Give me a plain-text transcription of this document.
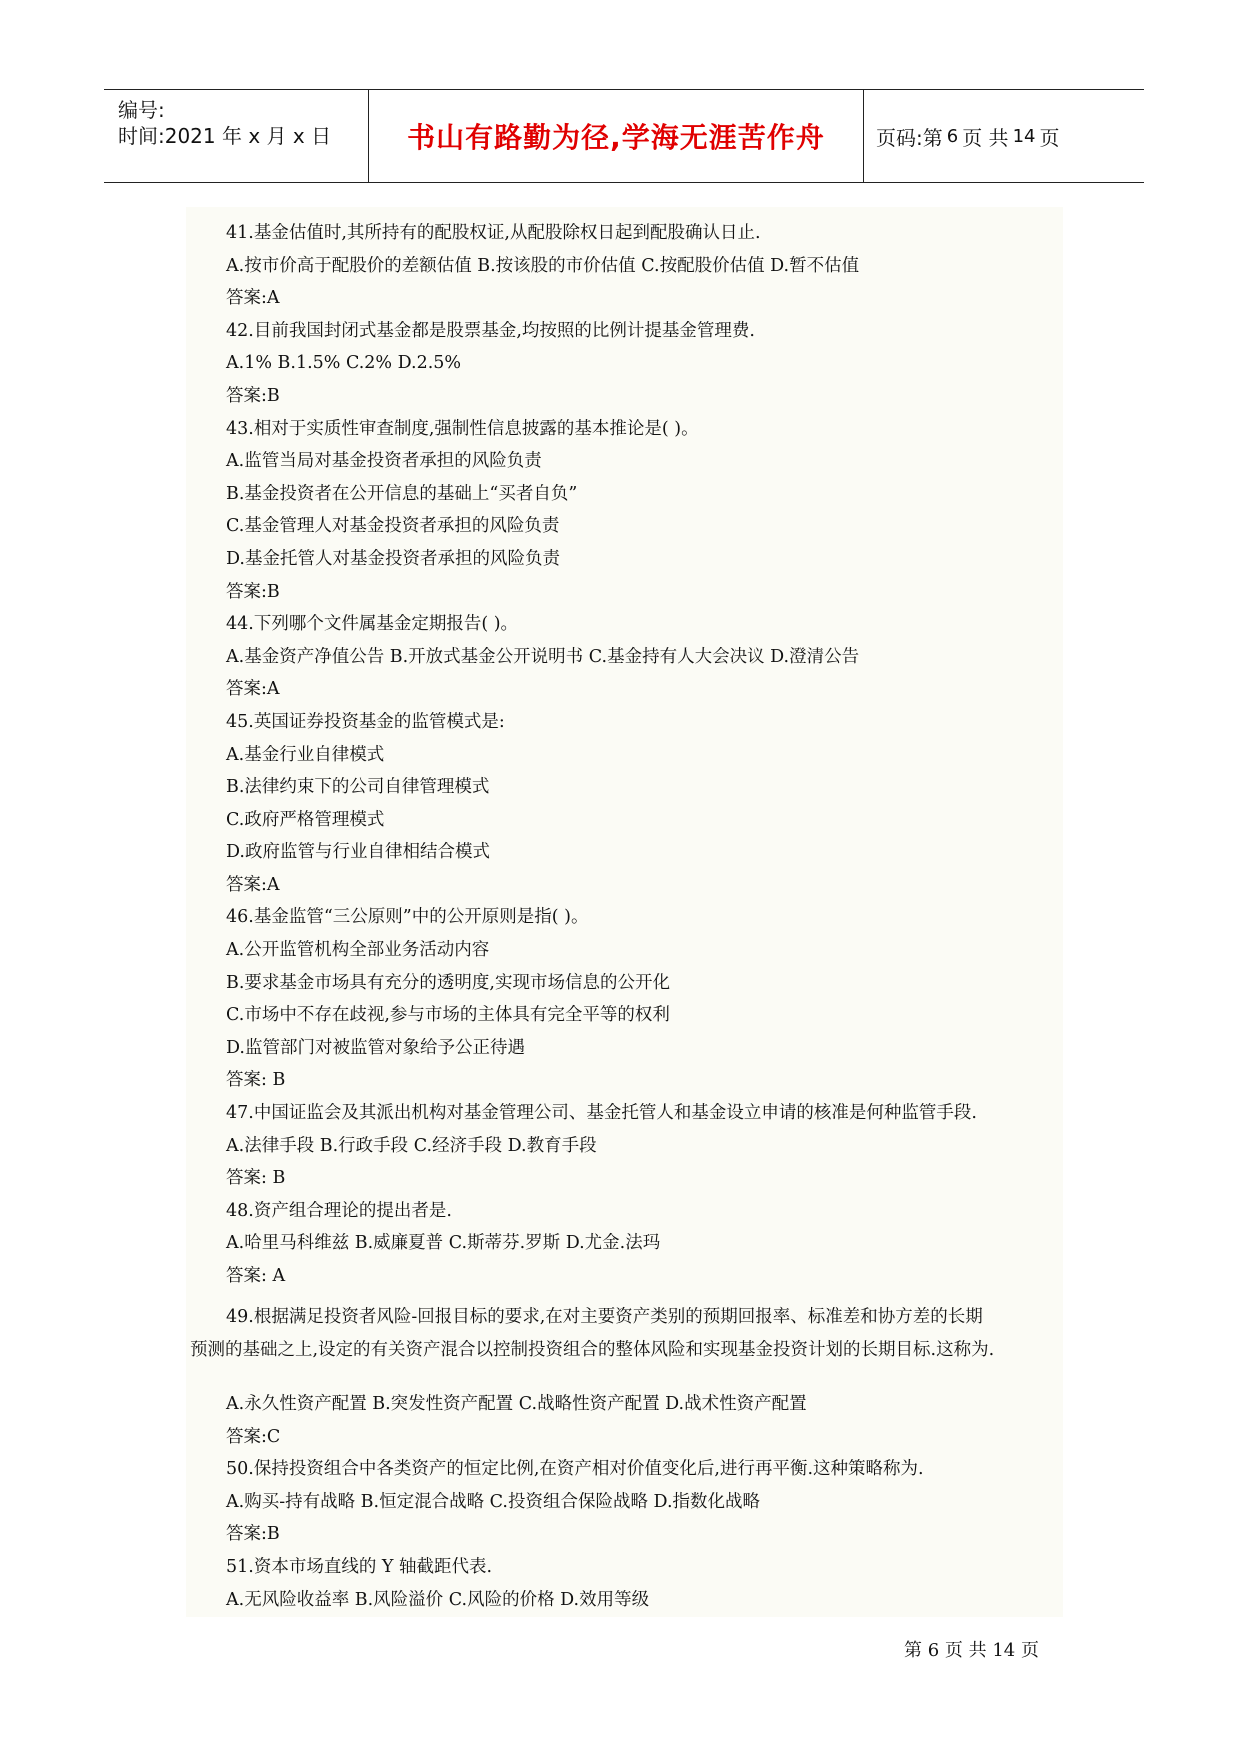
编号:
时间:2021 年 x 月 x 日	书山有路勤为径,学海无涯苦作舟	页码:第 6 页 共 14 页
41.基金估值时,其所持有的配股权证,从配股除权日起到配股确认日止.
A.按市价高于配股价的差额估值 B.按该股的市价估值 C.按配股价估值 D.暂不估值
答案:A
42.目前我国封闭式基金都是股票基金,均按照的比例计提基金管理费.
A.1% B.1.5% C.2% D.2.5%
答案:B
43.相对于实质性审查制度,强制性信息披露的基本推论是( )。
A.监管当局对基金投资者承担的风险负责
B.基金投资者在公开信息的基础上“买者自负”
C.基金管理人对基金投资者承担的风险负责
D.基金托管人对基金投资者承担的风险负责
答案:B
44.下列哪个文件属基金定期报告( )。
A.基金资产净值公告 B.开放式基金公开说明书 C.基金持有人大会决议 D.澄清公告
答案:A
45.英国证券投资基金的监管模式是:
A.基金行业自律模式
B.法律约束下的公司自律管理模式
C.政府严格管理模式
D.政府监管与行业自律相结合模式
答案:A
46.基金监管“三公原则”中的公开原则是指( )。
A.公开监管机构全部业务活动内容
B.要求基金市场具有充分的透明度,实现市场信息的公开化
C.市场中不存在歧视,参与市场的主体具有完全平等的权利
D.监管部门对被监管对象给予公正待遇
答案: B
47.中国证监会及其派出机构对基金管理公司、基金托管人和基金设立申请的核准是何种监管手段.
A.法律手段 B.行政手段 C.经济手段 D.教育手段
答案: B
48.资产组合理论的提出者是.
A.哈里马科维兹 B.威廉夏普 C.斯蒂芬.罗斯 D.尤金.法玛
答案: A
49.根据满足投资者风险-回报目标的要求,在对主要资产类别的预期回报率、标准差和协方差的长期
预测的基础之上,设定的有关资产混合以控制投资组合的整体风险和实现基金投资计划的长期目标.这称为.
A.永久性资产配置 B.突发性资产配置 C.战略性资产配置 D.战术性资产配置
答案:C
50.保持投资组合中各类资产的恒定比例,在资产相对价值变化后,进行再平衡.这种策略称为.
A.购买-持有战略 B.恒定混合战略 C.投资组合保险战略 D.指数化战略
答案:B
51.资本市场直线的 Y 轴截距代表.
A.无风险收益率 B.风险溢价 C.风险的价格 D.效用等级
第 6 页 共 14 页
